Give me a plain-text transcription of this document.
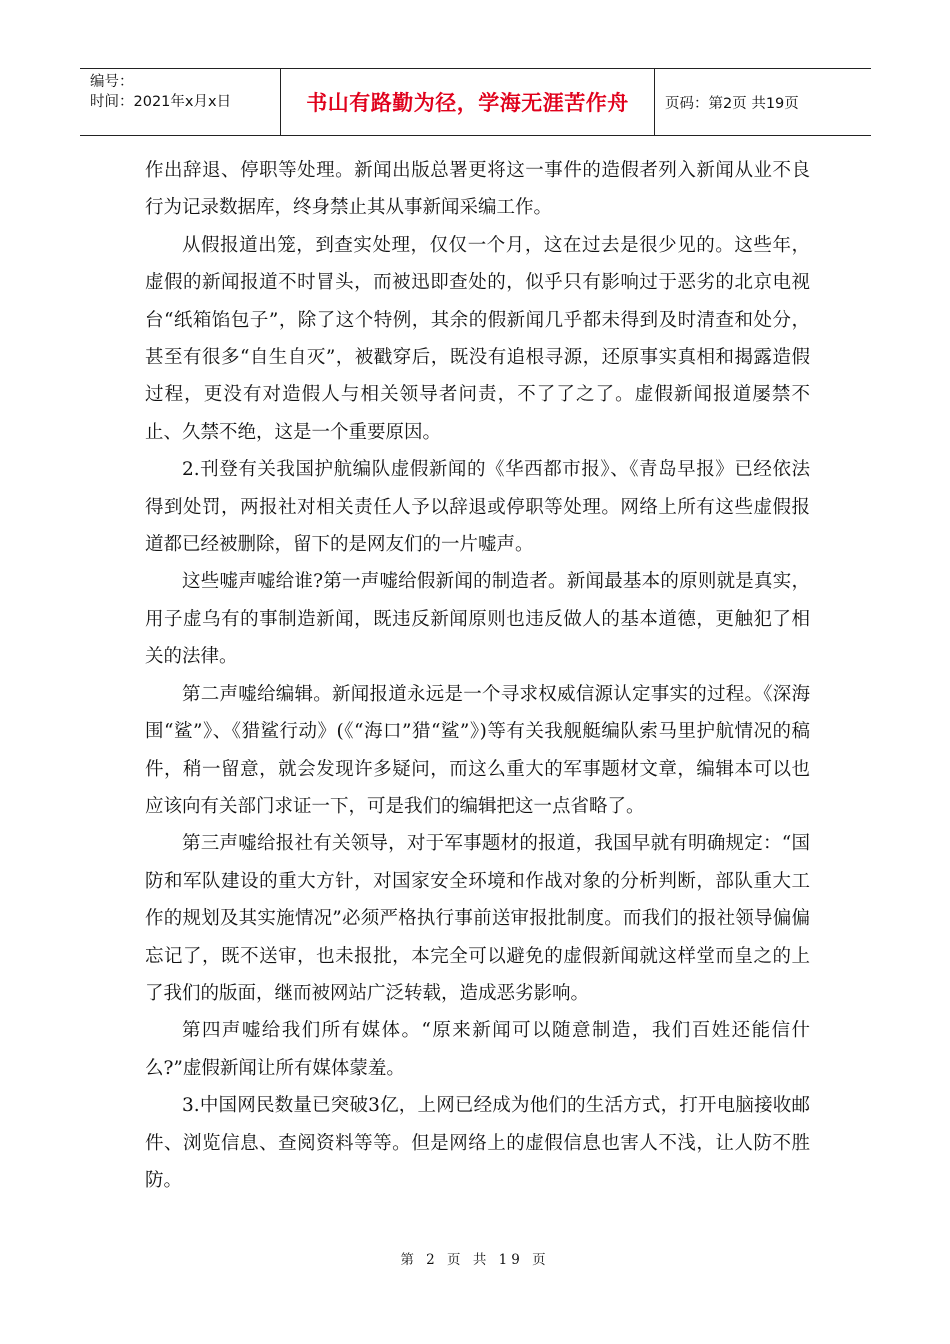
编号：
时间：2021年x月x日	书山有路勤为径，学海无涯苦作舟	页码：第2页 共19页

作出辞退、停职等处理。新闻出版总署更将这一事件的造假者列入新闻从业不良行为记录数据库，终身禁止其从事新闻采编工作。

从假报道出笼，到查实处理，仅仅一个月，这在过去是很少见的。这些年，虚假的新闻报道不时冒头，而被迅即查处的，似乎只有影响过于恶劣的北京电视台“纸箱馅包子”，除了这个特例，其余的假新闻几乎都未得到及时清查和处分，甚至有很多“自生自灭”，被戳穿后，既没有追根寻源，还原事实真相和揭露造假过程，更没有对造假人与相关领导者问责，不了了之了。虚假新闻报道屡禁不止、久禁不绝，这是一个重要原因。

2.刊登有关我国护航编队虚假新闻的《华西都市报》、《青岛早报》已经依法得到处罚，两报社对相关责任人予以辞退或停职等处理。网络上所有这些虚假报道都已经被删除，留下的是网友们的一片嘘声。

这些嘘声嘘给谁?第一声嘘给假新闻的制造者。新闻最基本的原则就是真实，用子虚乌有的事制造新闻，既违反新闻原则也违反做人的基本道德，更触犯了相关的法律。

第二声嘘给编辑。新闻报道永远是一个寻求权威信源认定事实的过程。《深海围“鲨”》、《猎鲨行动》(《“海口”猎“鲨”》)等有关我舰艇编队索马里护航情况的稿件，稍一留意，就会发现许多疑问，而这么重大的军事题材文章，编辑本可以也应该向有关部门求证一下，可是我们的编辑把这一点省略了。

第三声嘘给报社有关领导，对于军事题材的报道，我国早就有明确规定：“国防和军队建设的重大方针，对国家安全环境和作战对象的分析判断，部队重大工作的规划及其实施情况”必须严格执行事前送审报批制度。而我们的报社领导偏偏忘记了，既不送审，也未报批，本完全可以避免的虚假新闻就这样堂而皇之的上了我们的版面，继而被网站广泛转载，造成恶劣影响。

第四声嘘给我们所有媒体。“原来新闻可以随意制造，我们百姓还能信什么?”虚假新闻让所有媒体蒙羞。

3.中国网民数量已突破3亿，上网已经成为他们的生活方式，打开电脑接收邮件、浏览信息、查阅资料等等。但是网络上的虚假信息也害人不浅，让人防不胜防。

第 2 页 共 19 页
